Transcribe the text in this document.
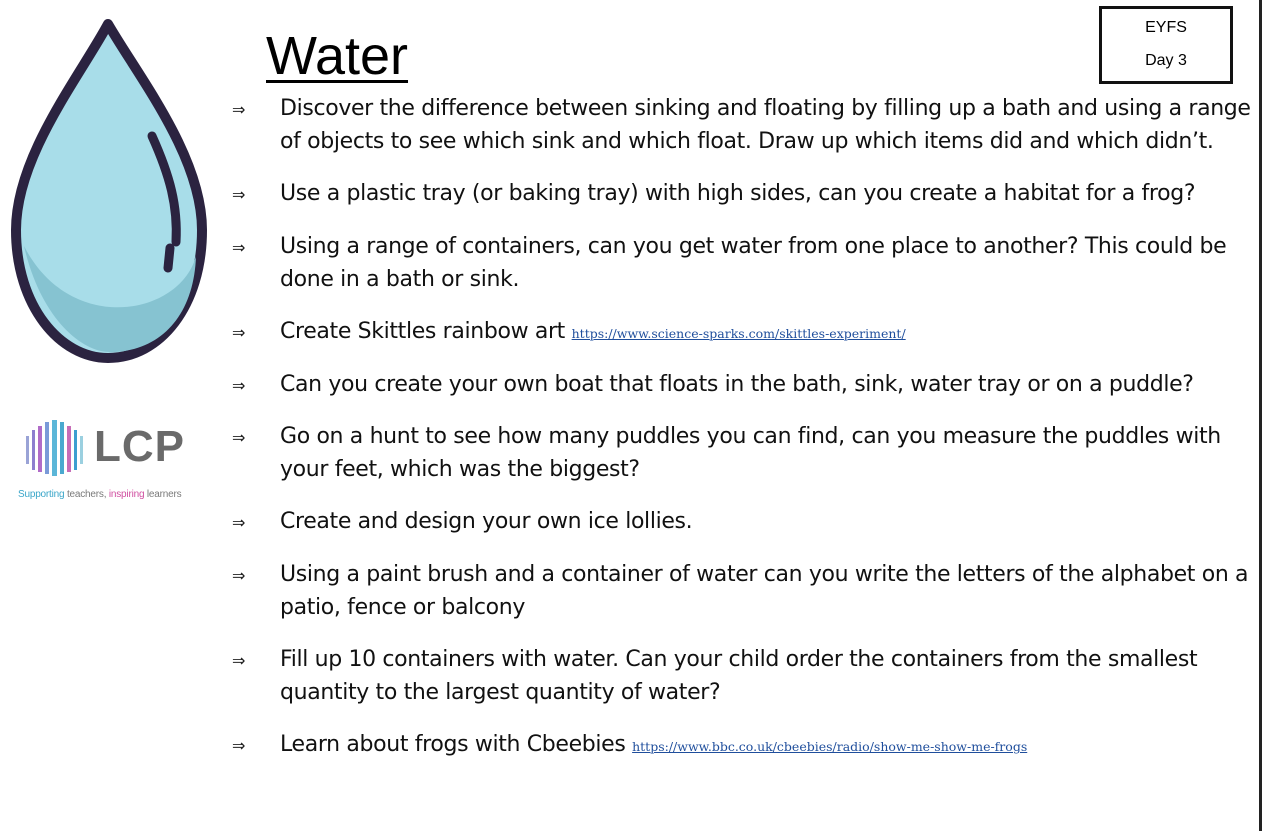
LCP
Supporting teachers, inspiring learners
Water	EYFS
Day 3
⇒ Discover the difference between sinking and floating by filling up a bath and using a range of objects to see which sink and which float. Draw up which items did and which didn’t.
⇒ Use a plastic tray (or baking tray) with high sides, can you create a habitat for a frog?
⇒ Using a range of containers, can you get water from one place to another? This could be done in a bath or sink.
⇒ Create Skittles rainbow art https://www.science-sparks.com/skittles-experiment/
⇒ Can you create your own boat that floats in the bath, sink, water tray or on a puddle?
⇒ Go on a hunt to see how many puddles you can find, can you measure the puddles with your feet, which was the biggest?
⇒ Create and design your own ice lollies.
⇒ Using a paint brush and a container of water can you write the letters of the alphabet on a patio, fence or balcony
⇒ Fill up 10 containers with water. Can your child order the containers from the smallest quantity to the largest quantity of water?
⇒ Learn about frogs with Cbeebies https://www.bbc.co.uk/cbeebies/radio/show-me-show-me-frogs
